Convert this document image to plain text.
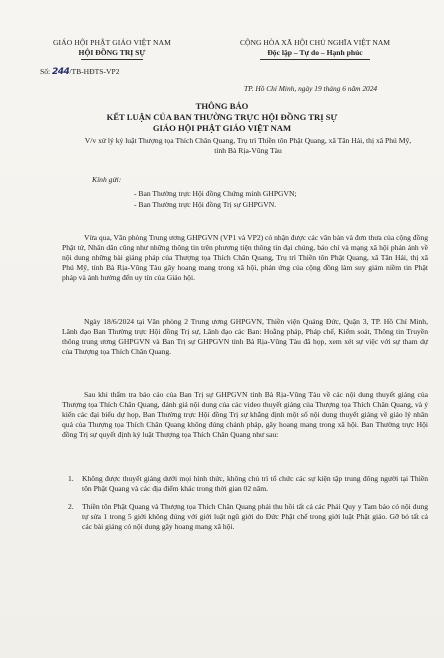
GIÁO HỘI PHẬT GIÁO VIỆT NAM
HỘI ĐỒNG TRỊ SỰ
CỘNG HÒA XÃ HỘI CHỦ NGHĨA VIỆT NAM
Độc lập – Tự do – Hạnh phúc
Số: 244/TB-HĐTS-VP2
TP. Hồ Chí Minh, ngày 19 tháng 6 năm 2024
THÔNG BÁO
KẾT LUẬN CỦA BAN THƯỜNG TRỰC HỘI ĐỒNG TRỊ SỰ
GIÁO HỘI PHẬT GIÁO VIỆT NAM
V/v xử lý kỷ luật Thượng tọa Thích Chân Quang, Trụ trì Thiền tôn Phật Quang, xã Tân Hải, thị xã Phú Mỹ, tỉnh Bà Rịa-Vũng Tàu
Kính gửi:
- Ban Thường trực Hội đồng Chứng minh GHPGVN;
- Ban Thường trực Hội đồng Trị sự GHPGVN.
Vừa qua, Văn phòng Trung ương GHPGVN (VP1 và VP2) có nhận được các văn bản và đơn thưa của cộng đồng Phật tử, Nhân dân cũng như những thông tin trên phương tiện thông tin đại chúng, báo chí và mạng xã hội phản ánh về nội dung những bài giảng pháp của Thượng tọa Thích Chân Quang, Trụ trì Thiền tôn Phật Quang, xã Tân Hải, thị xã Phú Mỹ, tỉnh Bà Rịa-Vũng Tàu gây hoang mang trong xã hội, phản ứng của cộng đồng làm suy giảm niềm tin Phật pháp và ảnh hưởng đến uy tín của Giáo hội.
Ngày 18/6/2024 tại Văn phòng 2 Trung ương GHPGVN, Thiền viện Quảng Đức, Quận 3, TP. Hồ Chí Minh, Lãnh đạo Ban Thường trực Hội đồng Trị sự, Lãnh đạo các Ban: Hoằng pháp, Pháp chế, Kiểm soát, Thông tin Truyền thông trung ương GHPGVN và Ban Trị sự GHPGVN tỉnh Bà Rịa-Vũng Tàu đã họp, xem xét sự việc với sự tham dự của Thượng tọa Thích Chân Quang.
Sau khi thẩm tra báo cáo của Ban Trị sự GHPGVN tỉnh Bà Rịa-Vũng Tàu về các nội dung thuyết giảng của Thượng tọa Thích Chân Quang, đánh giá nội dung của các video thuyết giảng của Thượng tọa Thích Chân Quang, và ý kiến các đại biểu dự họp, Ban Thường trực Hội đồng Trị sự khẳng định một số nội dung thuyết giảng về giáo lý nhân quả của Thượng tọa Thích Chân Quang không đúng chánh pháp, gây hoang mang trong xã hội. Ban Thường trực Hội đồng Trị sự quyết định kỷ luật Thượng tọa Thích Chân Quang như sau:
1. Không được thuyết giảng dưới mọi hình thức, không chủ trì tổ chức các sự kiện tập trung đông người tại Thiền tôn Phật Quang và các địa điểm khác trong thời gian 02 năm.
2. Thiền tôn Phật Quang và Thượng tọa Thích Chân Quang phải thu hồi tất cả các Phái Quy y Tam bảo có nội dung tự sửa 1 trong 5 giới không đúng với giới luật ngũ giới do Đức Phật chế trong giới luật Phật giáo. Gỡ bỏ tất cả các bài giảng có nội dung gây hoang mang xã hội.
